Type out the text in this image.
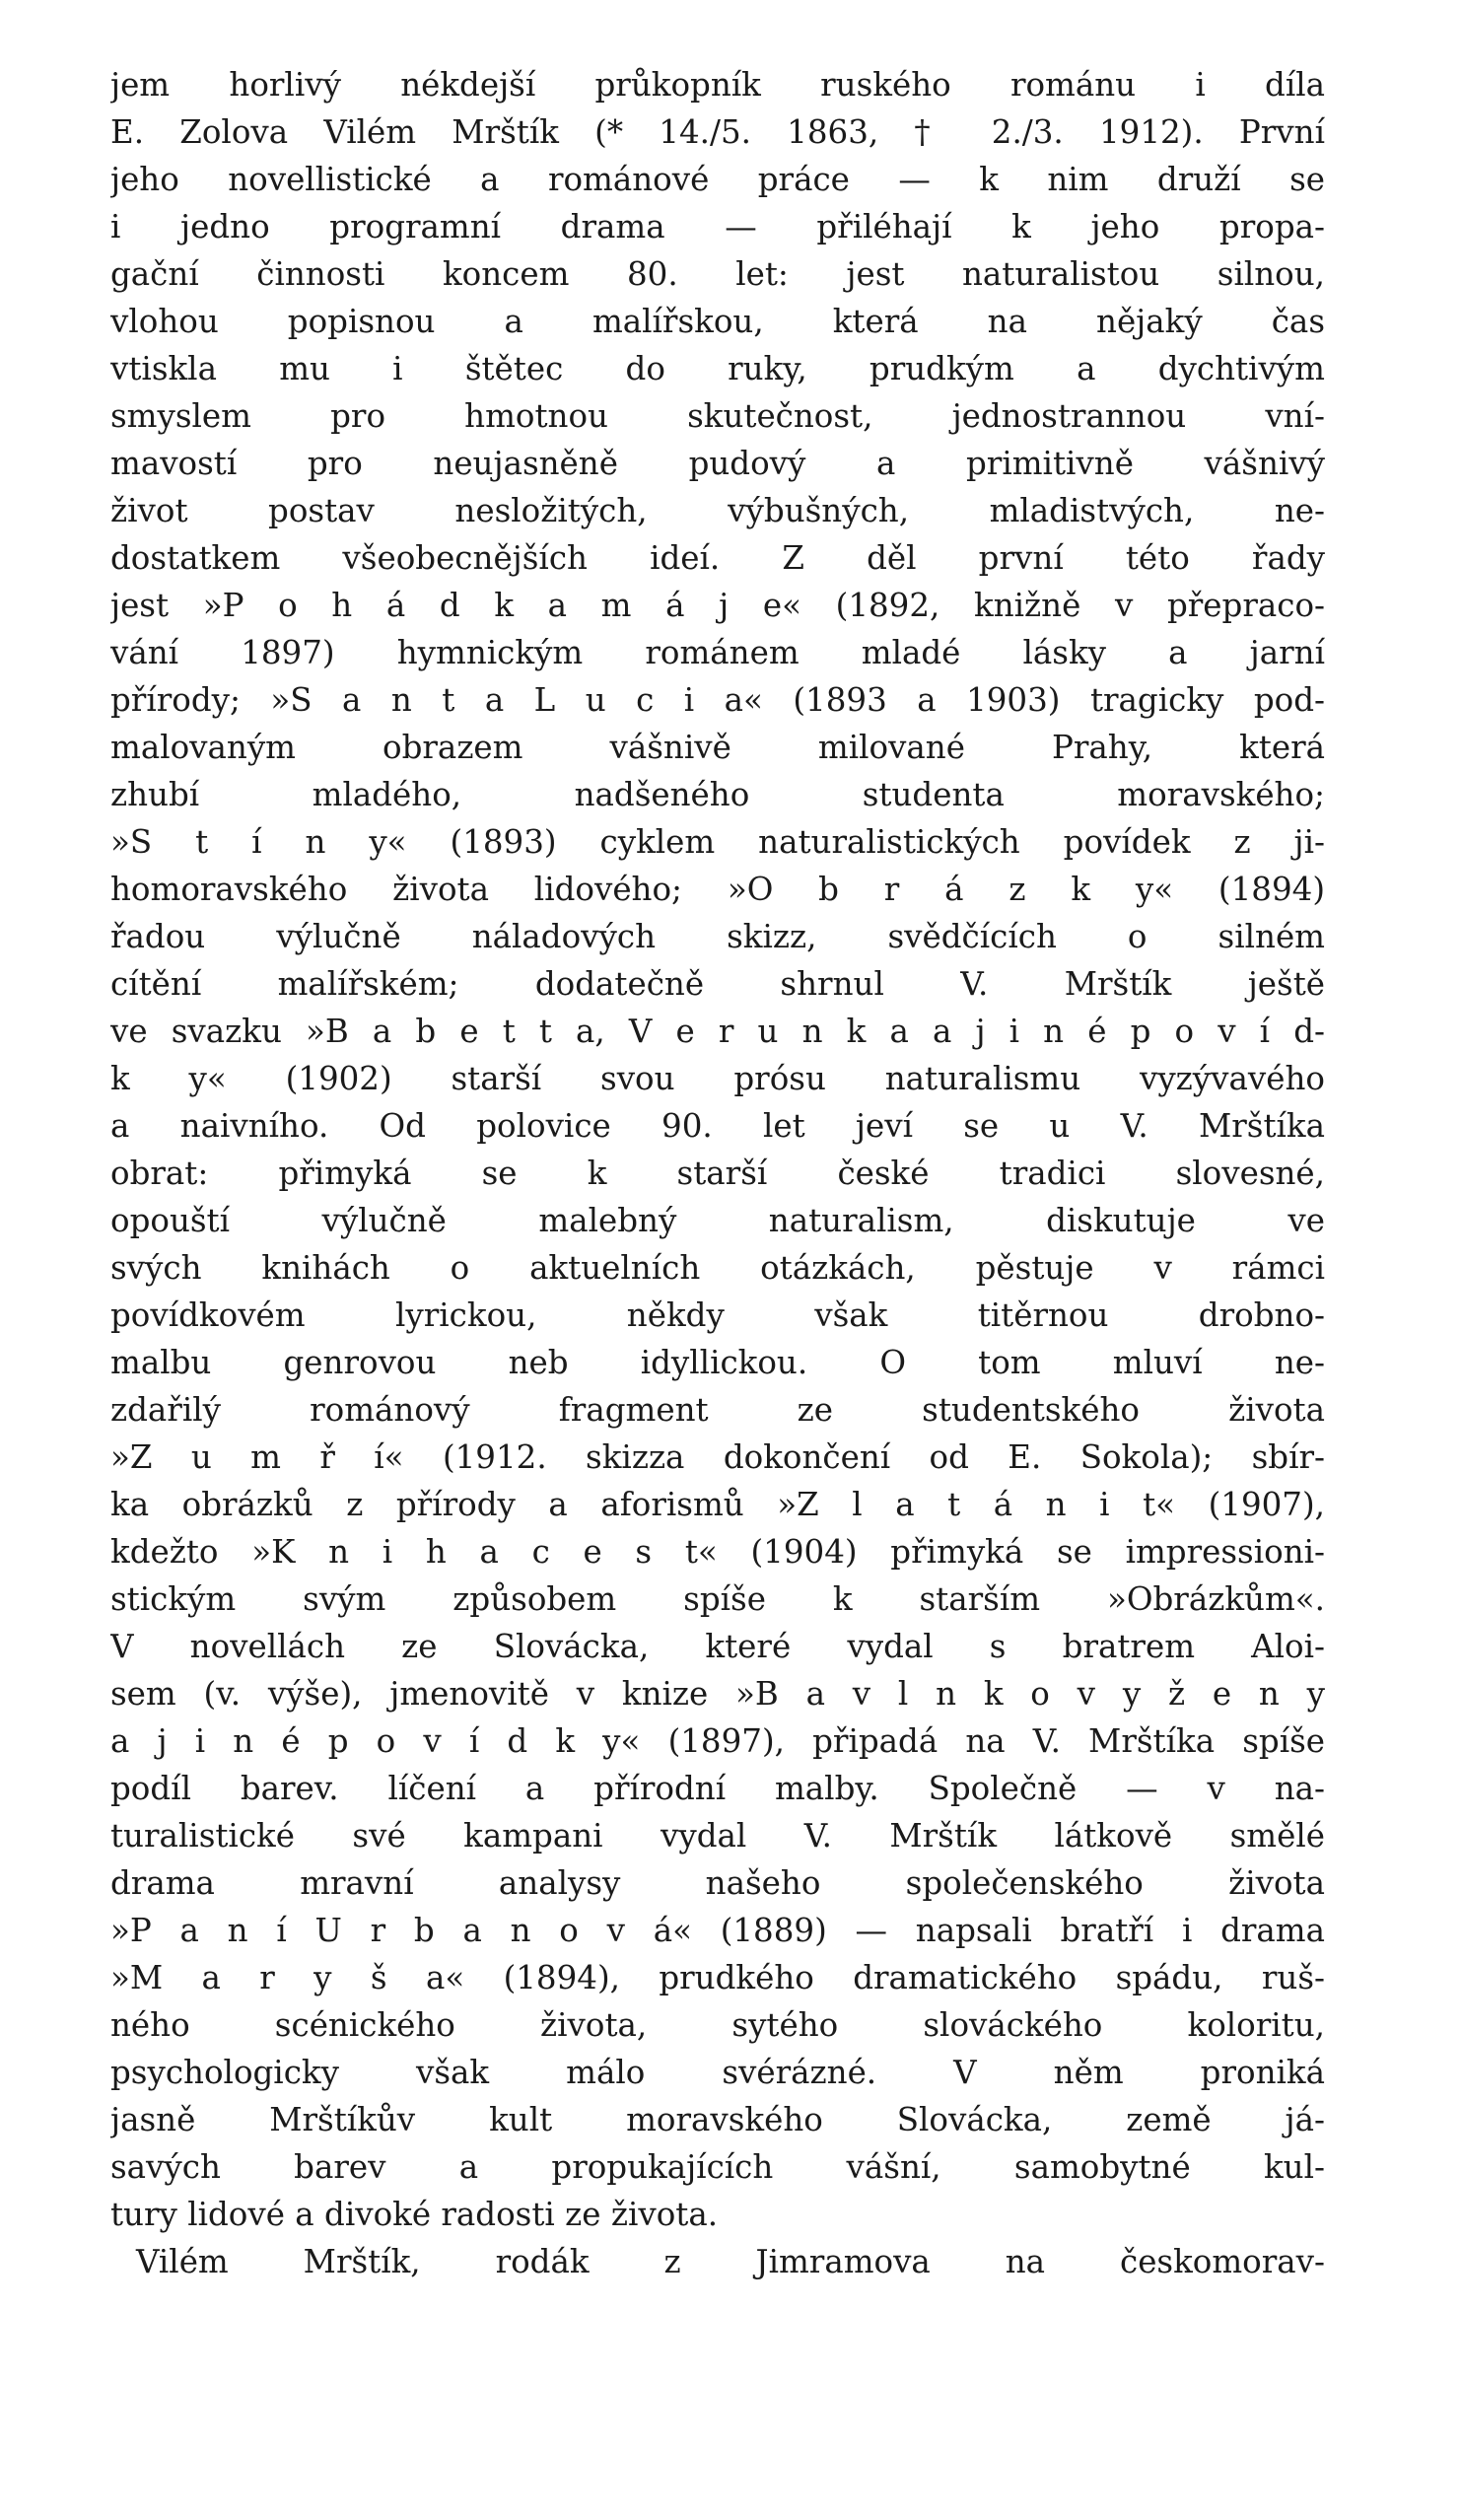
jem horlivý nékdejší průkopník ruského románu i díla
E. Zolova Vilém Mrštík (* 14./5. 1863, † 2./3. 1912). První
jeho novellistické a románové práce — k nim druží se
i jedno programní drama — přiléhají k jeho propa-
gační činnosti koncem 80. let: jest naturalistou silnou,
vlohou popisnou a malířskou, která na nějaký čas
vtiskla mu i štětec do ruky, prudkým a dychtivým
smyslem pro hmotnou skutečnost, jednostrannou vní-
mavostí pro neujasněně pudový a primitivně vášnivý
život postav nesložitých, výbušných, mladistvých, ne-
dostatkem všeobecnějších ideí. Z děl první této řady
jest »P o h á d k a m á j e« (1892, knižně v přepraco-
vání 1897) hymnickým románem mladé lásky a jarní
přírody; »S a n t a L u c i a« (1893 a 1903) tragicky pod-
malovaným obrazem vášnivě milované Prahy, která
zhubí mladého, nadšeného studenta moravského;
»S t í n y« (1893) cyklem naturalistických povídek z ji-
homoravského života lidového; »O b r á z k y« (1894)
řadou výlučně náladových skizz, svědčících o silném
cítění malířském; dodatečně shrnul V. Mrštík ještě
ve svazku »B a b e t t a, V e r u n k a a j i n é p o v í d-
k y« (1902) starší svou prósu naturalismu vyzývavého
a naivního. Od polovice 90. let jeví se u V. Mrštíka
obrat: přimyká se k starší české tradici slovesné,
opouští výlučně malebný naturalism, diskutuje ve
svých knihách o aktuelních otázkách, pěstuje v rámci
povídkovém lyrickou, někdy však titěrnou drobno-
malbu genrovou neb idyllickou. O tom mluví ne-
zdařilý románový fragment ze studentského života
»Z u m ř í« (1912. skizza dokončení od E. Sokola); sbír-
ka obrázků z přírody a aforismů »Z l a t á n i t« (1907),
kdežto »K n i h a c e s t« (1904) přimyká se impressioni-
stickým svým způsobem spíše k starším »Obrázkům«.
V novellách ze Slovácka, které vydal s bratrem Aloi-
sem (v. výše), jmenovitě v knize »B a v l n k o v y ž e n y
a j i n é p o v í d k y« (1897), připadá na V. Mrštíka spíše
podíl barev. líčení a přírodní malby. Společně — v na-
turalistické své kampani vydal V. Mrštík látkově smělé
drama mravní analysy našeho společenského života
»P a n í U r b a n o v á« (1889) — napsali bratří i drama
»M a r y š a« (1894), prudkého dramatického spádu, ruš-
ného scénického života, sytého slováckého koloritu,
psychologicky však málo svérázné. V něm proniká
jasně Mrštíkův kult moravského Slovácka, země já-
savých barev a propukajících vášní, samobytné kul-
tury lidové a divoké radosti ze života.
Vilém Mrštík, rodák z Jimramova na českomorav-
